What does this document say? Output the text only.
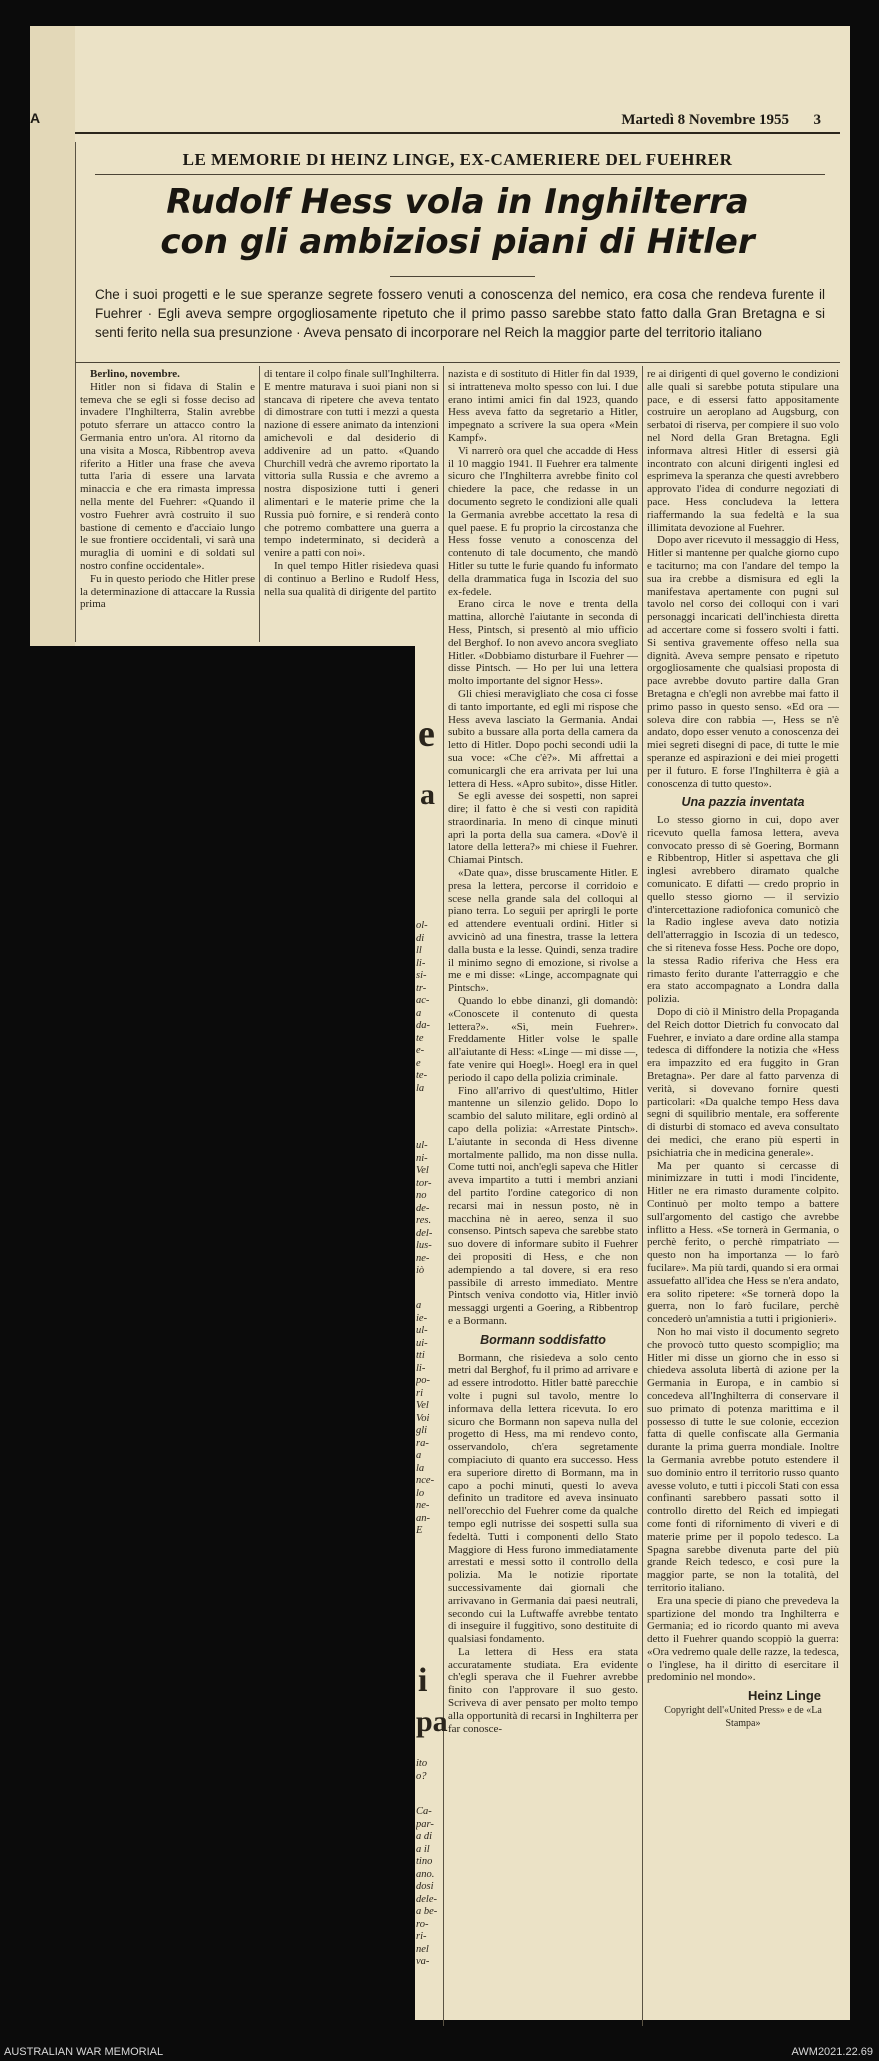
A	Martedì 8 Novembre 1955 3
LE MEMORIE DI HEINZ LINGE, EX-CAMERIERE DEL FUEHRER
Rudolf Hess vola in Inghilterra
con gli ambiziosi piani di Hitler
Che i suoi progetti e le sue speranze segrete fossero venuti a conoscenza del nemico, era cosa che rendeva furente il Fuehrer · Egli aveva sempre orgogliosamente ripetuto che il primo passo sarebbe stato fatto dalla Gran Bretagna e si senti ferito nella sua presunzione · Aveva pensato di incorporare nel Reich la maggior parte del territorio italiano

Berlino, novembre.

Hitler non si fidava di Stalin e temeva che se egli si fosse deciso ad invadere l'Inghilterra, Stalin avrebbe potuto sferrare un attacco contro la Germania entro un'ora. Al ritorno da una visita a Mosca, Ribbentrop aveva riferito a Hitler una frase che aveva tutta l'aria di essere una larvata minaccia e che era rimasta impressa nella mente del Fuehrer: «Quando il vostro Fuehrer avrà costruito il suo bastione di cemento e d'acciaio lungo le sue frontiere occidentali, vi sarà una muraglia di uomini e di soldati sul nostro confine occidentale».

Fu in questo periodo che Hitler prese la determinazione di attaccare la Russia prima

di tentare il colpo finale sull'Inghilterra. E mentre maturava i suoi piani non si stancava di ripetere che aveva tentato di dimostrare con tutti i mezzi a questa nazione di essere animato da intenzioni amichevoli e dal desiderio di addivenire ad un patto. «Quando Churchill vedrà che avremo riportato la vittoria sulla Russia e che avremo a nostra disposizione tutti i generi alimentari e le materie prime che la Russia può fornire, e si renderà conto che potremo combattere una guerra a tempo indeterminato, si deciderà a venire a patti con noi».

In quel tempo Hitler risiedeva quasi di continuo a Berlino e Rudolf Hess, nella sua qualità di dirigente del partito

nazista e di sostituto di Hitler fin dal 1939, si intratteneva molto spesso con lui. I due erano intimi amici fin dal 1923, quando Hess aveva fatto da segretario a Hitler, impegnato a scrivere la sua opera «Mein Kampf».

Vi narrerò ora quel che accadde di Hess il 10 maggio 1941. Il Fuehrer era talmente sicuro che l'Inghilterra avrebbe finito col chiedere la pace, che redasse in un documento segreto le condizioni alle quali la Germania avrebbe accettato la resa di quel paese. E fu proprio la circostanza che Hess fosse venuto a conoscenza del contenuto di tale documento, che mandò Hitler su tutte le furie quando fu informato della drammatica fuga in Iscozia del suo ex-fedele.

Erano circa le nove e trenta della mattina, allorchè l'aiutante in seconda di Hess, Pintsch, si presentò al mio ufficio del Berghof. Io non avevo ancora svegliato Hitler. «Dobbiamo disturbare il Fuehrer — disse Pintsch. — Ho per lui una lettera molto importante del signor Hess».

Gli chiesi meravigliato che cosa ci fosse di tanto importante, ed egli mi rispose che Hess aveva lasciato la Germania. Andai subito a bussare alla porta della camera da letto di Hitler. Dopo pochi secondi udii la sua voce: «Che c'è?». Mi affrettai a comunicargli che era arrivata per lui una lettera di Hess. «Apro subito», disse Hitler.

Se egli avesse dei sospetti, non saprei dire; il fatto è che si vestì con rapidità straordinaria. In meno di cinque minuti aprì la porta della sua camera. «Dov'è il latore della lettera?» mi chiese il Fuehrer. Chiamai Pintsch.

«Date qua», disse bruscamente Hitler. E presa la lettera, percorse il corridoio e scese nella grande sala del colloqui al piano terra. Lo seguii per aprirgli le porte ed attendere eventuali ordini. Hitler si avvicinò ad una finestra, trasse la lettera dalla busta e la lesse. Quindi, senza tradire il minimo segno di emozione, si rivolse a me e mi disse: «Linge, accompagnate qui Pintsch».

Quando lo ebbe dinanzi, gli domandò: «Conoscete il contenuto di questa lettera?». «Sì, mein Fuehrer». Freddamente Hitler volse le spalle all'aiutante di Hess: «Linge — mi disse —, fate venire qui Hoegl». Hoegl era in quel periodo il capo della polizia criminale.

Fino all'arrivo di quest'ultimo, Hitler mantenne un silenzio gelido. Dopo lo scambio del saluto militare, egli ordinò al capo della polizia: «Arrestate Pintsch». L'aiutante in seconda di Hess divenne mortalmente pallido, ma non disse nulla. Come tutti noi, anch'egli sapeva che Hitler aveva impartito a tutti i membri anziani del partito l'ordine categorico di non recarsi mai in nessun posto, nè in macchina nè in aereo, senza il suo consenso. Pintsch sapeva che sarebbe stato suo dovere di informare subito il Fuehrer dei propositi di Hess, e che non adempiendo a tal dovere, si era reso passibile di arresto immediato. Mentre Pintsch veniva condotto via, Hitler inviò messaggi urgenti a Goering, a Ribbentrop e a Bormann.

Bormann soddisfatto

Bormann, che risiedeva a solo cento metri dal Berghof, fu il primo ad arrivare e ad essere introdotto. Hitler battè parecchie volte i pugni sul tavolo, mentre lo informava della lettera ricevuta. Io ero sicuro che Bormann non sapeva nulla del progetto di Hess, ma mi rendevo conto, osservandolo, ch'era segretamente compiaciuto di quanto era successo. Hess era superiore diretto di Bormann, ma in capo a pochi minuti, questi lo aveva definito un traditore ed aveva insinuato nell'orecchio del Fuehrer come da qualche tempo egli nutrisse dei sospetti sulla sua fedeltà. Tutti i componenti dello Stato Maggiore di Hess furono immediatamente arrestati e messi sotto il controllo della polizia. Ma le notizie riportate successivamente dai giornali che arrivavano in Germania dai paesi neutrali, secondo cui la Luftwaffe avrebbe tentato di inseguire il fuggitivo, sono destituite di qualsiasi fondamento.

La lettera di Hess era stata accuratamente studiata. Era evidente ch'egli sperava che il Fuehrer avrebbe finito con l'approvare il suo gesto. Scriveva di aver pensato per molto tempo alla opportunità di recarsi in Inghilterra per far conosce-

re ai dirigenti di quel governo le condizioni alle quali si sarebbe potuta stipulare una pace, e di essersi fatto appositamente costruire un aeroplano ad Augsburg, con serbatoi di riserva, per compiere il suo volo nel Nord della Gran Bretagna. Egli informava altresì Hitler di essersi già incontrato con alcuni dirigenti inglesi ed esprimeva la speranza che questi avrebbero approvato l'idea di condurre negoziati di pace. Hess concludeva la lettera riaffermando la sua fedeltà e la sua illimitata devozione al Fuehrer.

Dopo aver ricevuto il messaggio di Hess, Hitler si mantenne per qualche giorno cupo e taciturno; ma con l'andare del tempo la sua ira crebbe a dismisura ed egli la manifestava apertamente con pugni sul tavolo nel corso dei colloqui con i vari personaggi incaricati dell'inchiesta diretta ad accertare come si fossero svolti i fatti. Si sentiva gravemente offeso nella sua dignità. Aveva sempre pensato e ripetuto orgogliosamente che qualsiasi proposta di pace avrebbe dovuto partire dalla Gran Bretagna e ch'egli non avrebbe mai fatto il primo passo in questo senso. «Ed ora — soleva dire con rabbia —, Hess se n'è andato, dopo esser venuto a conoscenza dei miei segreti disegni di pace, di tutte le mie speranze ed aspirazioni e dei miei progetti per il futuro. E forse l'Inghilterra è già a conoscenza di tutto questo».

Una pazzia inventata

Lo stesso giorno in cui, dopo aver ricevuto quella famosa lettera, aveva convocato presso di sè Goering, Bormann e Ribbentrop, Hitler si aspettava che gli inglesi avrebbero diramato qualche comunicato. E difatti — credo proprio in quello stesso giorno — il servizio d'intercettazione radiofonica comunicò che la Radio inglese aveva dato notizia dell'atterraggio in Iscozia di un tedesco, che si riteneva fosse Hess. Poche ore dopo, la stessa Radio riferiva che Hess era rimasto ferito durante l'atterraggio e che era stato accompagnato a Londra dalla polizia.

Dopo di ciò il Ministro della Propaganda del Reich dottor Dietrich fu convocato dal Fuehrer, e inviato a dare ordine alla stampa tedesca di diffondere la notizia che «Hess era impazzito ed era fuggito in Gran Bretagna». Per dare al fatto parvenza di verità, si dovevano fornire questi particolari: «Da qualche tempo Hess dava segni di squilibrio mentale, era sofferente di disturbi di stomaco ed aveva consultato dei medici, che erano più esperti in psichiatria che in medicina generale».

Ma per quanto si cercasse di minimizzare in tutti i modi l'incidente, Hitler ne era rimasto duramente colpito. Continuò per molto tempo a battere sull'argomento del castigo che avrebbe inflitto a Hess. «Se tornerà in Germania, o perchè ferito, o perchè rimpatriato — questo non ha importanza — lo farò fucilare». Ma più tardi, quando si era ormai assuefatto all'idea che Hess se n'era andato, era solito ripetere: «Se tornerà dopo la guerra, non lo farò fucilare, perchè concederò un'amnistia a tutti i prigionieri».

Non ho mai visto il documento segreto che provocò tutto questo scompiglio; ma Hitler mi disse un giorno che in esso si chiedeva assoluta libertà di azione per la Germania in Europa, e in cambio si concedeva all'Inghilterra di conservare il suo primato di potenza marittima e il possesso di tutte le sue colonie, eccezion fatta di quelle confiscate alla Germania durante la prima guerra mondiale. Inoltre la Germania avrebbe potuto estendere il suo dominio entro il territorio russo quanto avesse voluto, e tutti i piccoli Stati con essa confinanti sarebbero passati sotto il controllo diretto del Reich ed impiegati come fonti di rifornimento di viveri e di materie prime per il popolo tedesco. La Spagna sarebbe divenuta parte del più grande Reich tedesco, e così pure la maggior parte, se non la totalità, del territorio italiano.

Era una specie di piano che prevedeva la spartizione del mondo tra Inghilterra e Germania; ed io ricordo quanto mi aveva detto il Fuehrer quando scoppiò la guerra: «Ora vedremo quale delle razze, la tedesca, o l'inglese, ha il diritto di esercitare il predominio nel mondo».

Heinz Linge
Copyright dell'«United Press» e de «La Stampa»
e
a
ol-
di
ll
li-
si-
tr-
ac-
a
da-
te
e-
e
te-
la
ul-
ni-
Vel
tor-
no
de-
res.
del-
lus-
ne-
iò
a
ie-
ul-
ui-
tti
li-
po-
ri
Vel
Voi
gli
ra-
a
la
nce-
lo
ne-
an-
E
i
pa
ito
o?
Ca-
par-
a di
a il
tino
ano.
dosi
dele-
a be-
ro-
ri-
nel
va-
AUSTRALIAN WAR MEMORIAL	AWM2021.22.69
